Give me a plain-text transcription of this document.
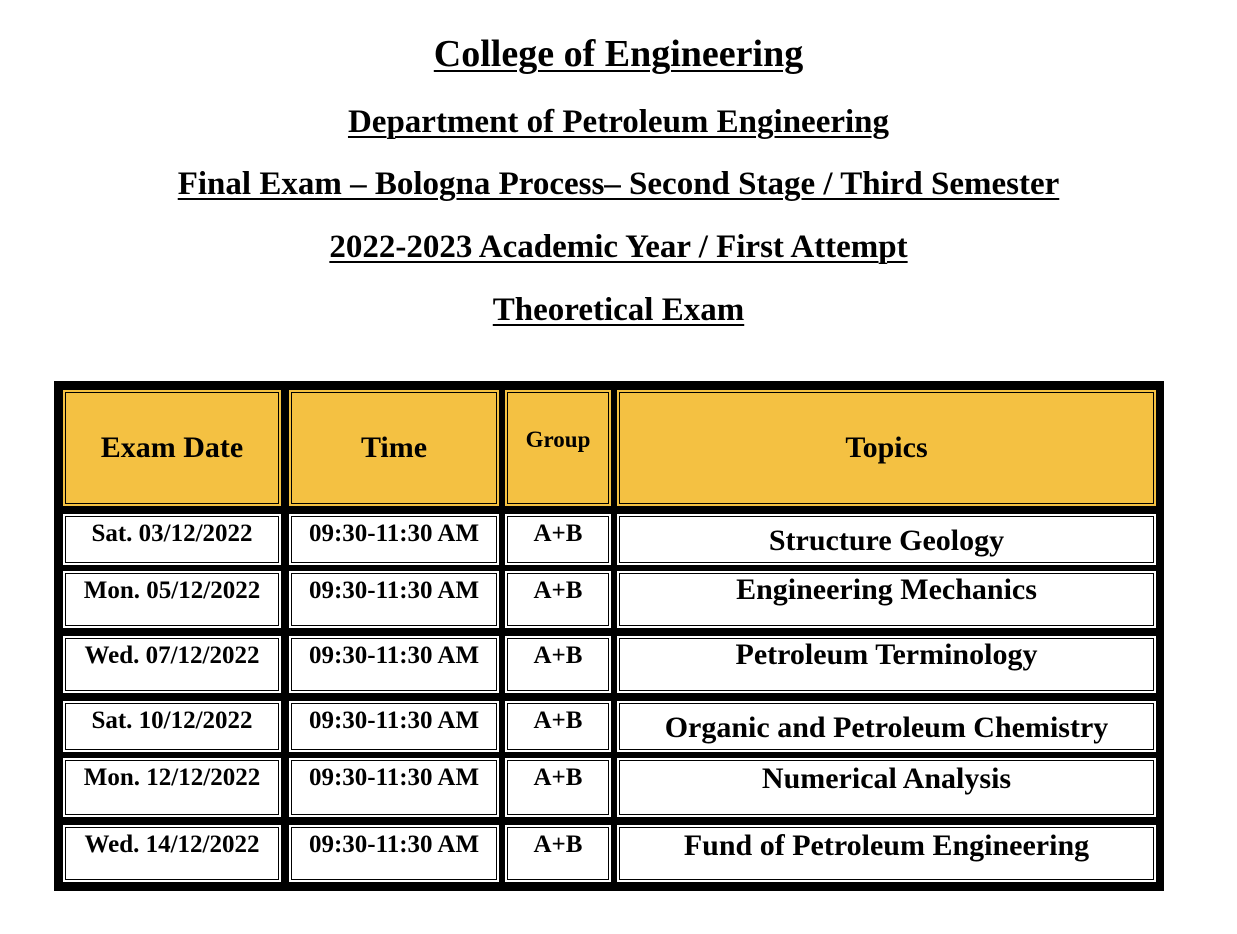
College of Engineering
Department of Petroleum Engineering
Final Exam – Bologna Process– Second Stage / Third Semester
2022-2023 Academic Year / First Attempt
Theoretical Exam
Exam Date	Time	Group	Topics
Sat. 03/12/2022	09:30-11:30 AM	A+B	Structure Geology
Mon. 05/12/2022	09:30-11:30 AM	A+B	Engineering Mechanics
Wed. 07/12/2022	09:30-11:30 AM	A+B	Petroleum Terminology
Sat. 10/12/2022	09:30-11:30 AM	A+B	Organic and Petroleum Chemistry
Mon. 12/12/2022	09:30-11:30 AM	A+B	Numerical Analysis
Wed. 14/12/2022	09:30-11:30 AM	A+B	Fund of Petroleum Engineering
